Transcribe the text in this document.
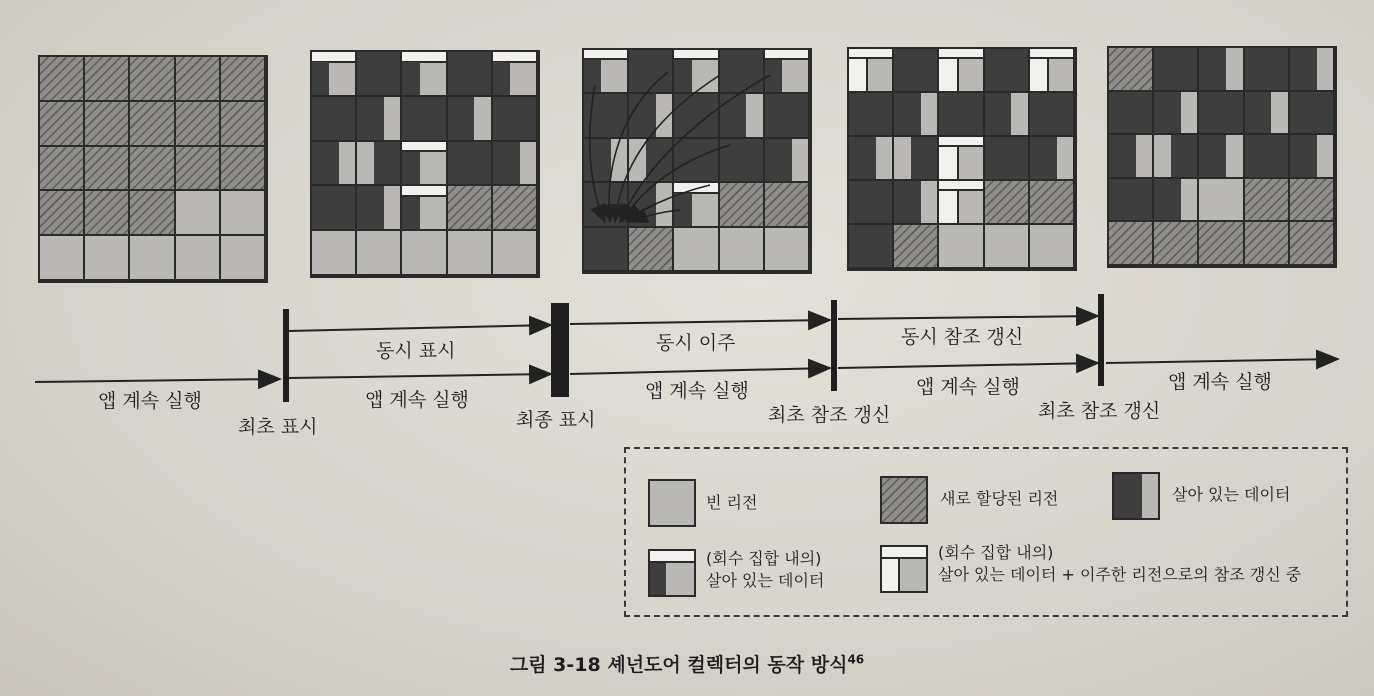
앱 계속 실행
동시 표시
앱 계속 실행
동시 이주
앱 계속 실행
동시 참조 갱신
앱 계속 실행	앱 계속 실행
최초 표시	최종 표시	최초 참조 갱신	최초 참조 갱신
빈 리전	새로 할당된 리전	살아 있는 데이터
(회수 집합 내의)
살아 있는 데이터
(회수 집합 내의)
살아 있는 데이터 + 이주한 리전으로의 참조 갱신 중
그림 3-18 셰넌도어 컬렉터의 동작 방식$^{46}$
